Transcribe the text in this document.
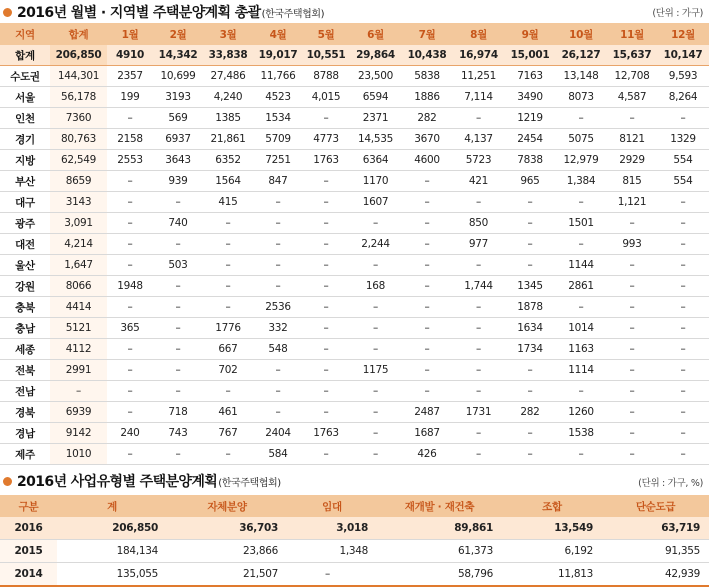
2016년 월별 · 지역별 주택분양계획 총괄 (한국주택협회)	(단위 : 가구)
지역	합계	1월	2월	3월	4월	5월	6월	7월	8월	9월	10월	11월	12월
합계	206,850	4910	14,342	33,838	19,017	10,551	29,864	10,438	16,974	15,001	26,127	15,637	10,147
수도권	144,301	2357	10,699	27,486	11,766	8788	23,500	5838	11,251	7163	13,148	12,708	9,593
서울	56,178	199	3193	4,240	4523	4,015	6594	1886	7,114	3490	8073	4,587	8,264
인천	7360	–	569	1385	1534	–	2371	282	–	1219	–	–	–
경기	80,763	2158	6937	21,861	5709	4773	14,535	3670	4,137	2454	5075	8121	1329
지방	62,549	2553	3643	6352	7251	1763	6364	4600	5723	7838	12,979	2929	554
부산	8659	–	939	1564	847	–	1170	–	421	965	1,384	815	554
대구	3143	–	–	415	–	–	1607	–	–	–	–	1,121	–
광주	3,091	–	740	–	–	–	–	–	850	–	1501	–	–
대전	4,214	–	–	–	–	–	2,244	–	977	–	–	993	–
울산	1,647	–	503	–	–	–	–	–	–	–	1144	–	–
강원	8066	1948	–	–	–	–	168	–	1,744	1345	2861	–	–
충북	4414	–	–	–	2536	–	–	–	–	1878	–	–	–
충남	5121	365	–	1776	332	–	–	–	–	1634	1014	–	–
세종	4112	–	–	667	548	–	–	–	–	1734	1163	–	–
전북	2991	–	–	702	–	–	1175	–	–	–	1114	–	–
전남	–	–	–	–	–	–	–	–	–	–	–	–	–
경북	6939	–	718	461	–	–	–	2487	1731	282	1260	–	–
경남	9142	240	743	767	2404	1763	–	1687	–	–	1538	–	–
제주	1010	–	–	–	584	–	–	426	–	–	–	–	–
2016년 사업유형별 주택분양계획 (한국주택협회)	(단위 : 가구, %)
구분	계	자체분양	임대	재개발 · 재건축	조합	단순도급
2016	206,850	36,703	3,018	89,861	13,549	63,719
2015	184,134	23,866	1,348	61,373	6,192	91,355
2014	135,055	21,507	–	58,796	11,813	42,939
